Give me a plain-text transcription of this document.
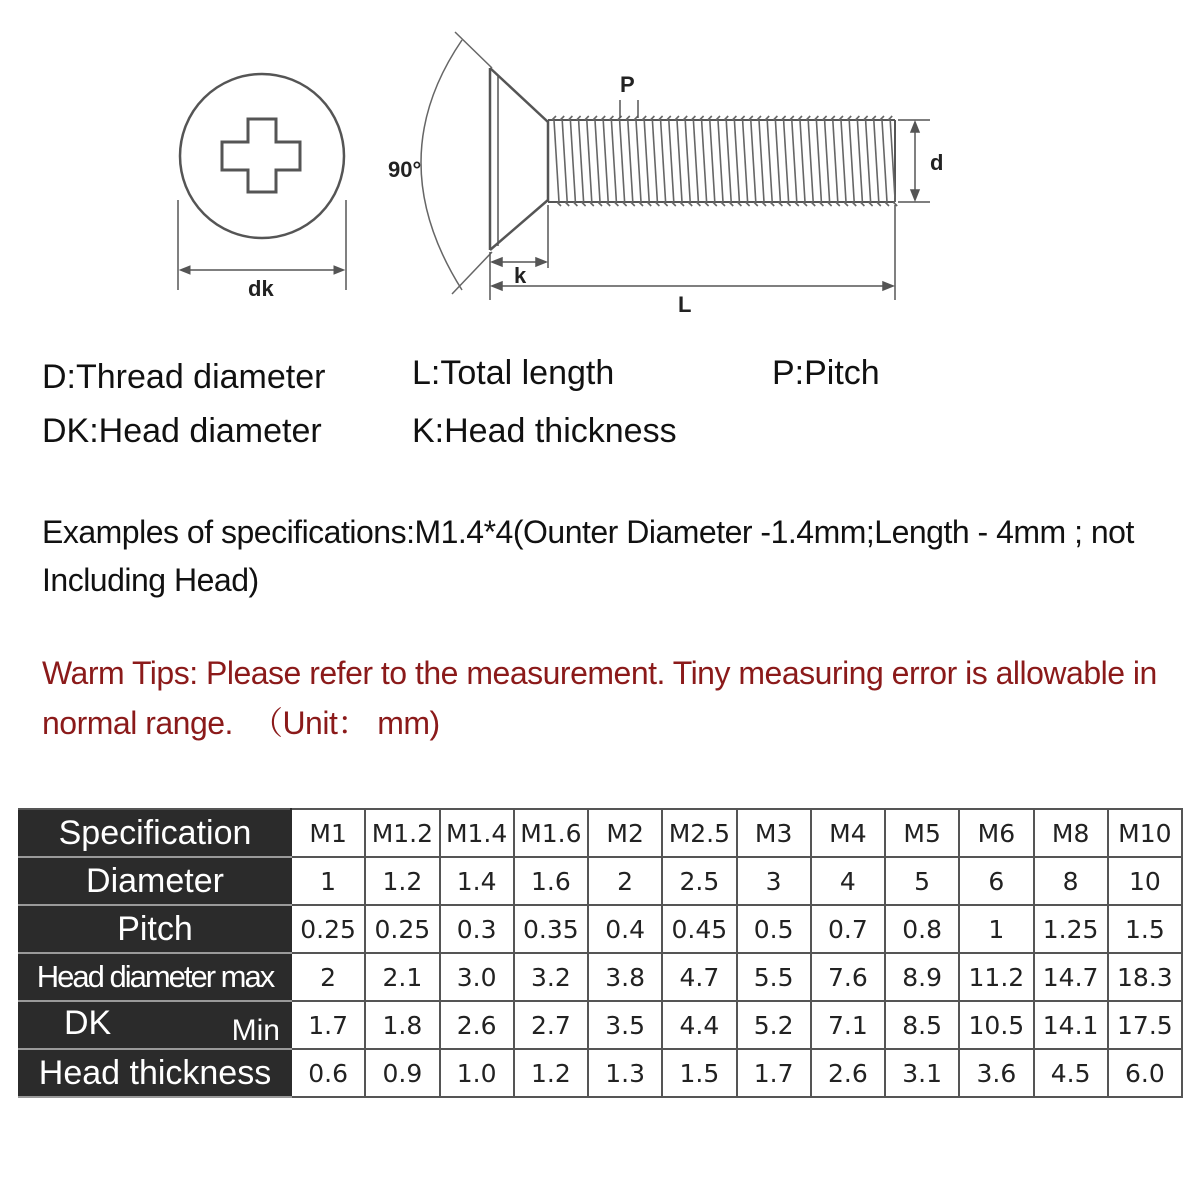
dk
90°
P
d
k
L
D:Thread diameter
DK:Head diameter
L:Total length
K:Head thickness
P:Pitch
Examples of specifications:M1.4*4(Ounter Diameter -1.4mm;Length - 4mm ; not Including Head)
Warm Tips: Please refer to the measurement. Tiny measuring error is allowable in normal range. （Unit： mm)
Specification	M1	M1.2	M1.4	M1.6	M2	M2.5	M3	M4	M5	M6	M8	M10
Diameter	1	1.2	1.4	1.6	2	2.5	3	4	5	6	8	10
Pitch	0.25	0.25	0.3	0.35	0.4	0.45	0.5	0.7	0.8	1	1.25	1.5
Head diameter max	2	2.1	3.0	3.2	3.8	4.7	5.5	7.6	8.9	11.2	14.7	18.3

DK Min	1.7	1.8	2.6	2.7	3.5	4.4	5.2	7.1	8.5	10.5	14.1	17.5
Head thickness	0.6	0.9	1.0	1.2	1.3	1.5	1.7	2.6	3.1	3.6	4.5	6.0
